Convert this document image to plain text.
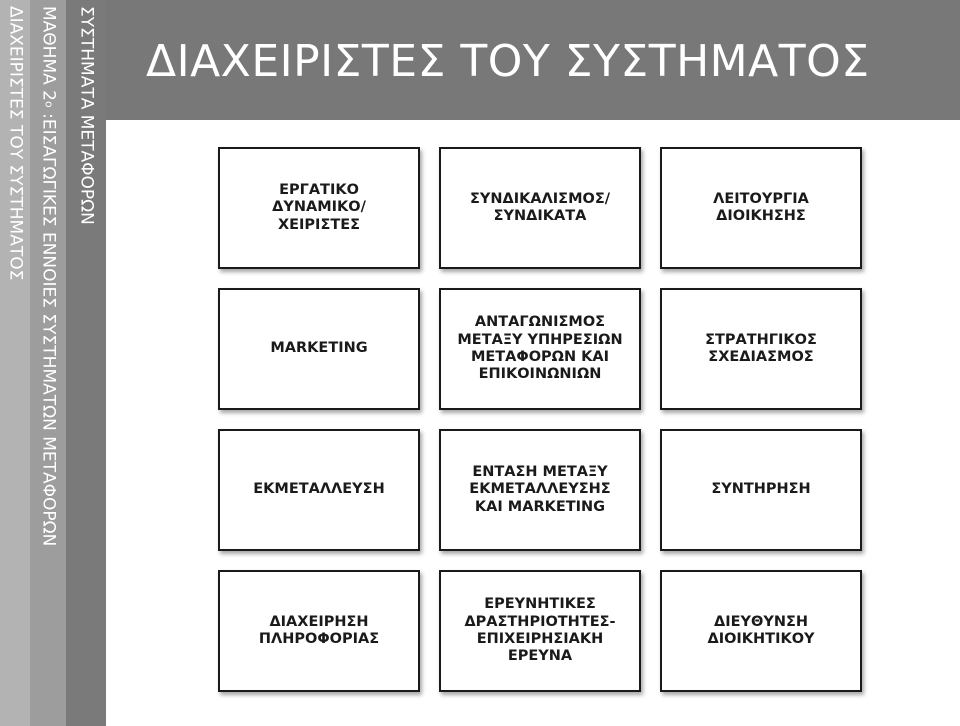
ΔΙΑΧΕΙΡΙΣΤΕΣ ΤΟΥ ΣΥΣΤΗΜΑΤΟΣ ΜΑΘΗΜΑ 2ο :ΕΙΣΑΓΩΓΙΚΕΣ ΕΝΝΟΙΕΣ ΣΥΣΤΗΜΑΤΩΝ ΜΕΤΑΦΟΡΩΝ ΣΥΣΤΗΜΑΤΑ ΜΕΤΑΦΟΡΩΝ ΔΙΑΧΕΙΡΙΣΤΕΣ ΤΟΥ ΣΥΣΤΗΜΑΤΟΣ
ΕΡΓΑΤΙΚΟ
ΔΥΝΑΜΙΚΟ/
ΧΕΙΡΙΣΤΕΣ
ΣΥΝΔΙΚΑΛΙΣΜΟΣ/
ΣΥΝΔΙΚΑΤΑ
ΛΕΙΤΟΥΡΓΙΑ
ΔΙΟΙΚΗΣΗΣ
MARKETING
ΑΝΤΑΓΩΝΙΣΜΟΣ
ΜΕΤΑΞΥ ΥΠΗΡΕΣΙΩΝ
ΜΕΤΑΦΟΡΩΝ ΚΑΙ
ΕΠΙΚΟΙΝΩΝΙΩΝ
ΣΤΡΑΤΗΓΙΚΟΣ
ΣΧΕΔΙΑΣΜΟΣ
ΕΚΜΕΤΑΛΛΕΥΣΗ
ΕΝΤΑΣΗ ΜΕΤΑΞΥ
ΕΚΜΕΤΑΛΛΕΥΣΗΣ
ΚΑΙ MARKETING
ΣΥΝΤΗΡΗΣΗ
ΔΙΑΧΕΙΡΗΣΗ
ΠΛΗΡΟΦΟΡΙΑΣ
ΕΡΕΥΝΗΤΙΚΕΣ
ΔΡΑΣΤΗΡΙΟΤΗΤΕΣ-
ΕΠΙΧΕΙΡΗΣΙΑΚΗ
ΕΡΕΥΝΑ
ΔΙΕΥΘΥΝΣΗ
ΔΙΟΙΚΗΤΙΚΟΥ
